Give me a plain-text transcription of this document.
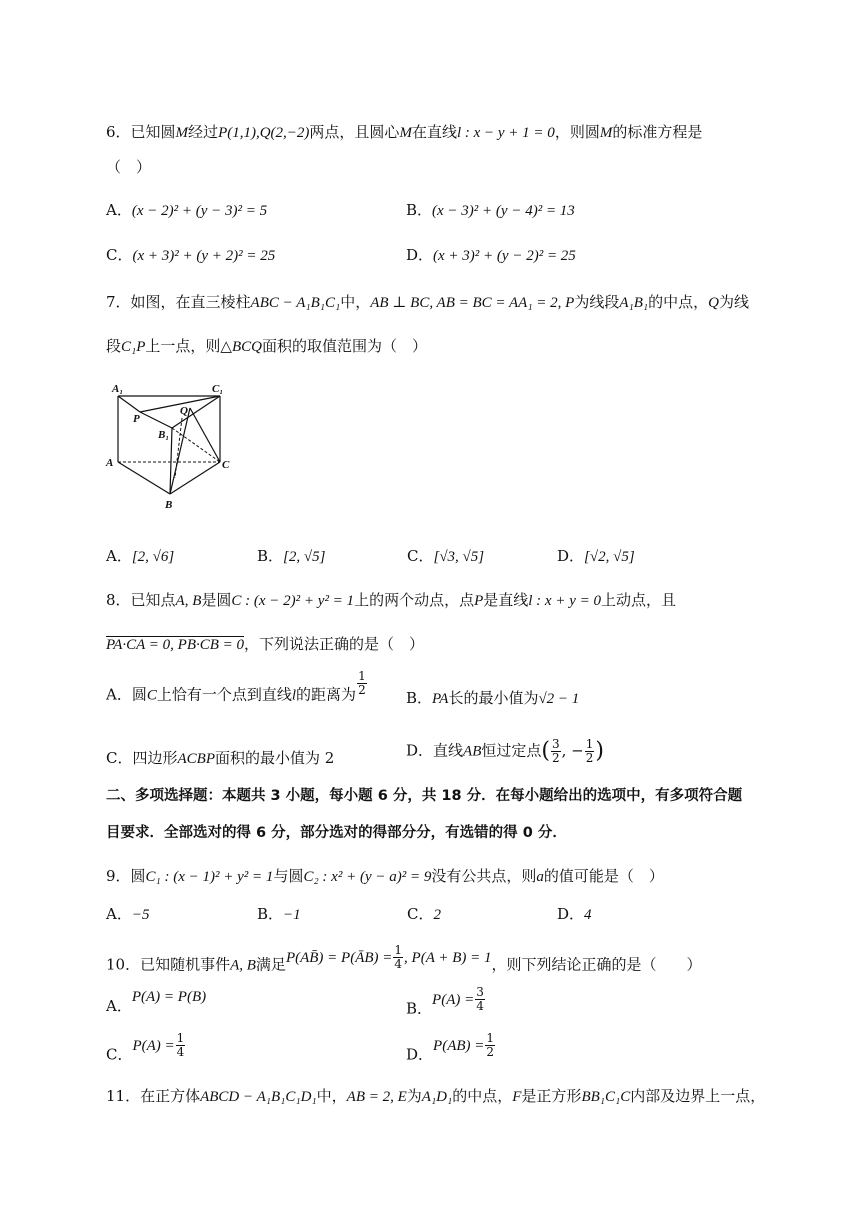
6．已知圆M经过P(1,1),Q(2,−2)两点，且圆心M在直线l : x − y + 1 = 0，则圆M的标准方程是
（　）
A．(x − 2)² + (y − 3)² = 5	B．(x − 3)² + (y − 4)² = 13
C．(x + 3)² + (y + 2)² = 25	D．(x + 3)² + (y − 2)² = 25
7．如图，在直三棱柱ABC − A₁B₁C₁中，AB ⊥ BC, AB = BC = AA₁ = 2, P为线段A₁B₁的中点，Q为线
段C₁P上一点，则△BCQ面积的取值范围为（　）
A₁	C₁
P
Q
B₁
A	C
B
A．[2, √6]	B．[2, √5]	C．[√3, √5]	D．[√2, √5]
8．已知点A, B是圆C : (x − 2)² + y² = 1上的两个动点，点P是直线l : x + y = 0上动点，且
PA·CA = 0, PB·CB = 0，下列说法正确的是（　）
A．圆C上恰有一个点到直线l的距离为 $\frac{1}{2}$
B．PA长的最小值为√2 − 1
C．四边形ACBP面积的最小值为 2	D．直线AB恒过定点( $\frac{3}{2}$ , − $\frac{1}{2}$ )
二、多项选择题：本题共 3 小题，每小题 6 分，共 18 分．在每小题给出的选项中，有多项符合题
目要求．全部选对的得 6 分，部分选对的得部分分，有选错的得 0 分．
9．圆C₁ : (x − 1)² + y² = 1与圆C₂ : x² + (y − a)² = 9没有公共点，则a的值可能是（　）
A．−5	B．−1	C．2	D．4
10．已知随机事件A, B满足P(AB̄) = P(ĀB) = $\frac{1}{4}$ , P(A + B) = 1，则下列结论正确的是（　　）
A．P(A) = P(B)
B．$P(A) = \frac{3}{4}$
C．$P(A) = \frac{1}{4}$	D．$P(AB) = \frac{1}{2}$
11．在正方体ABCD − A₁B₁C₁D₁中，AB = 2, E为A₁D₁的中点，F是正方形BB₁C₁C内部及边界上一点，
